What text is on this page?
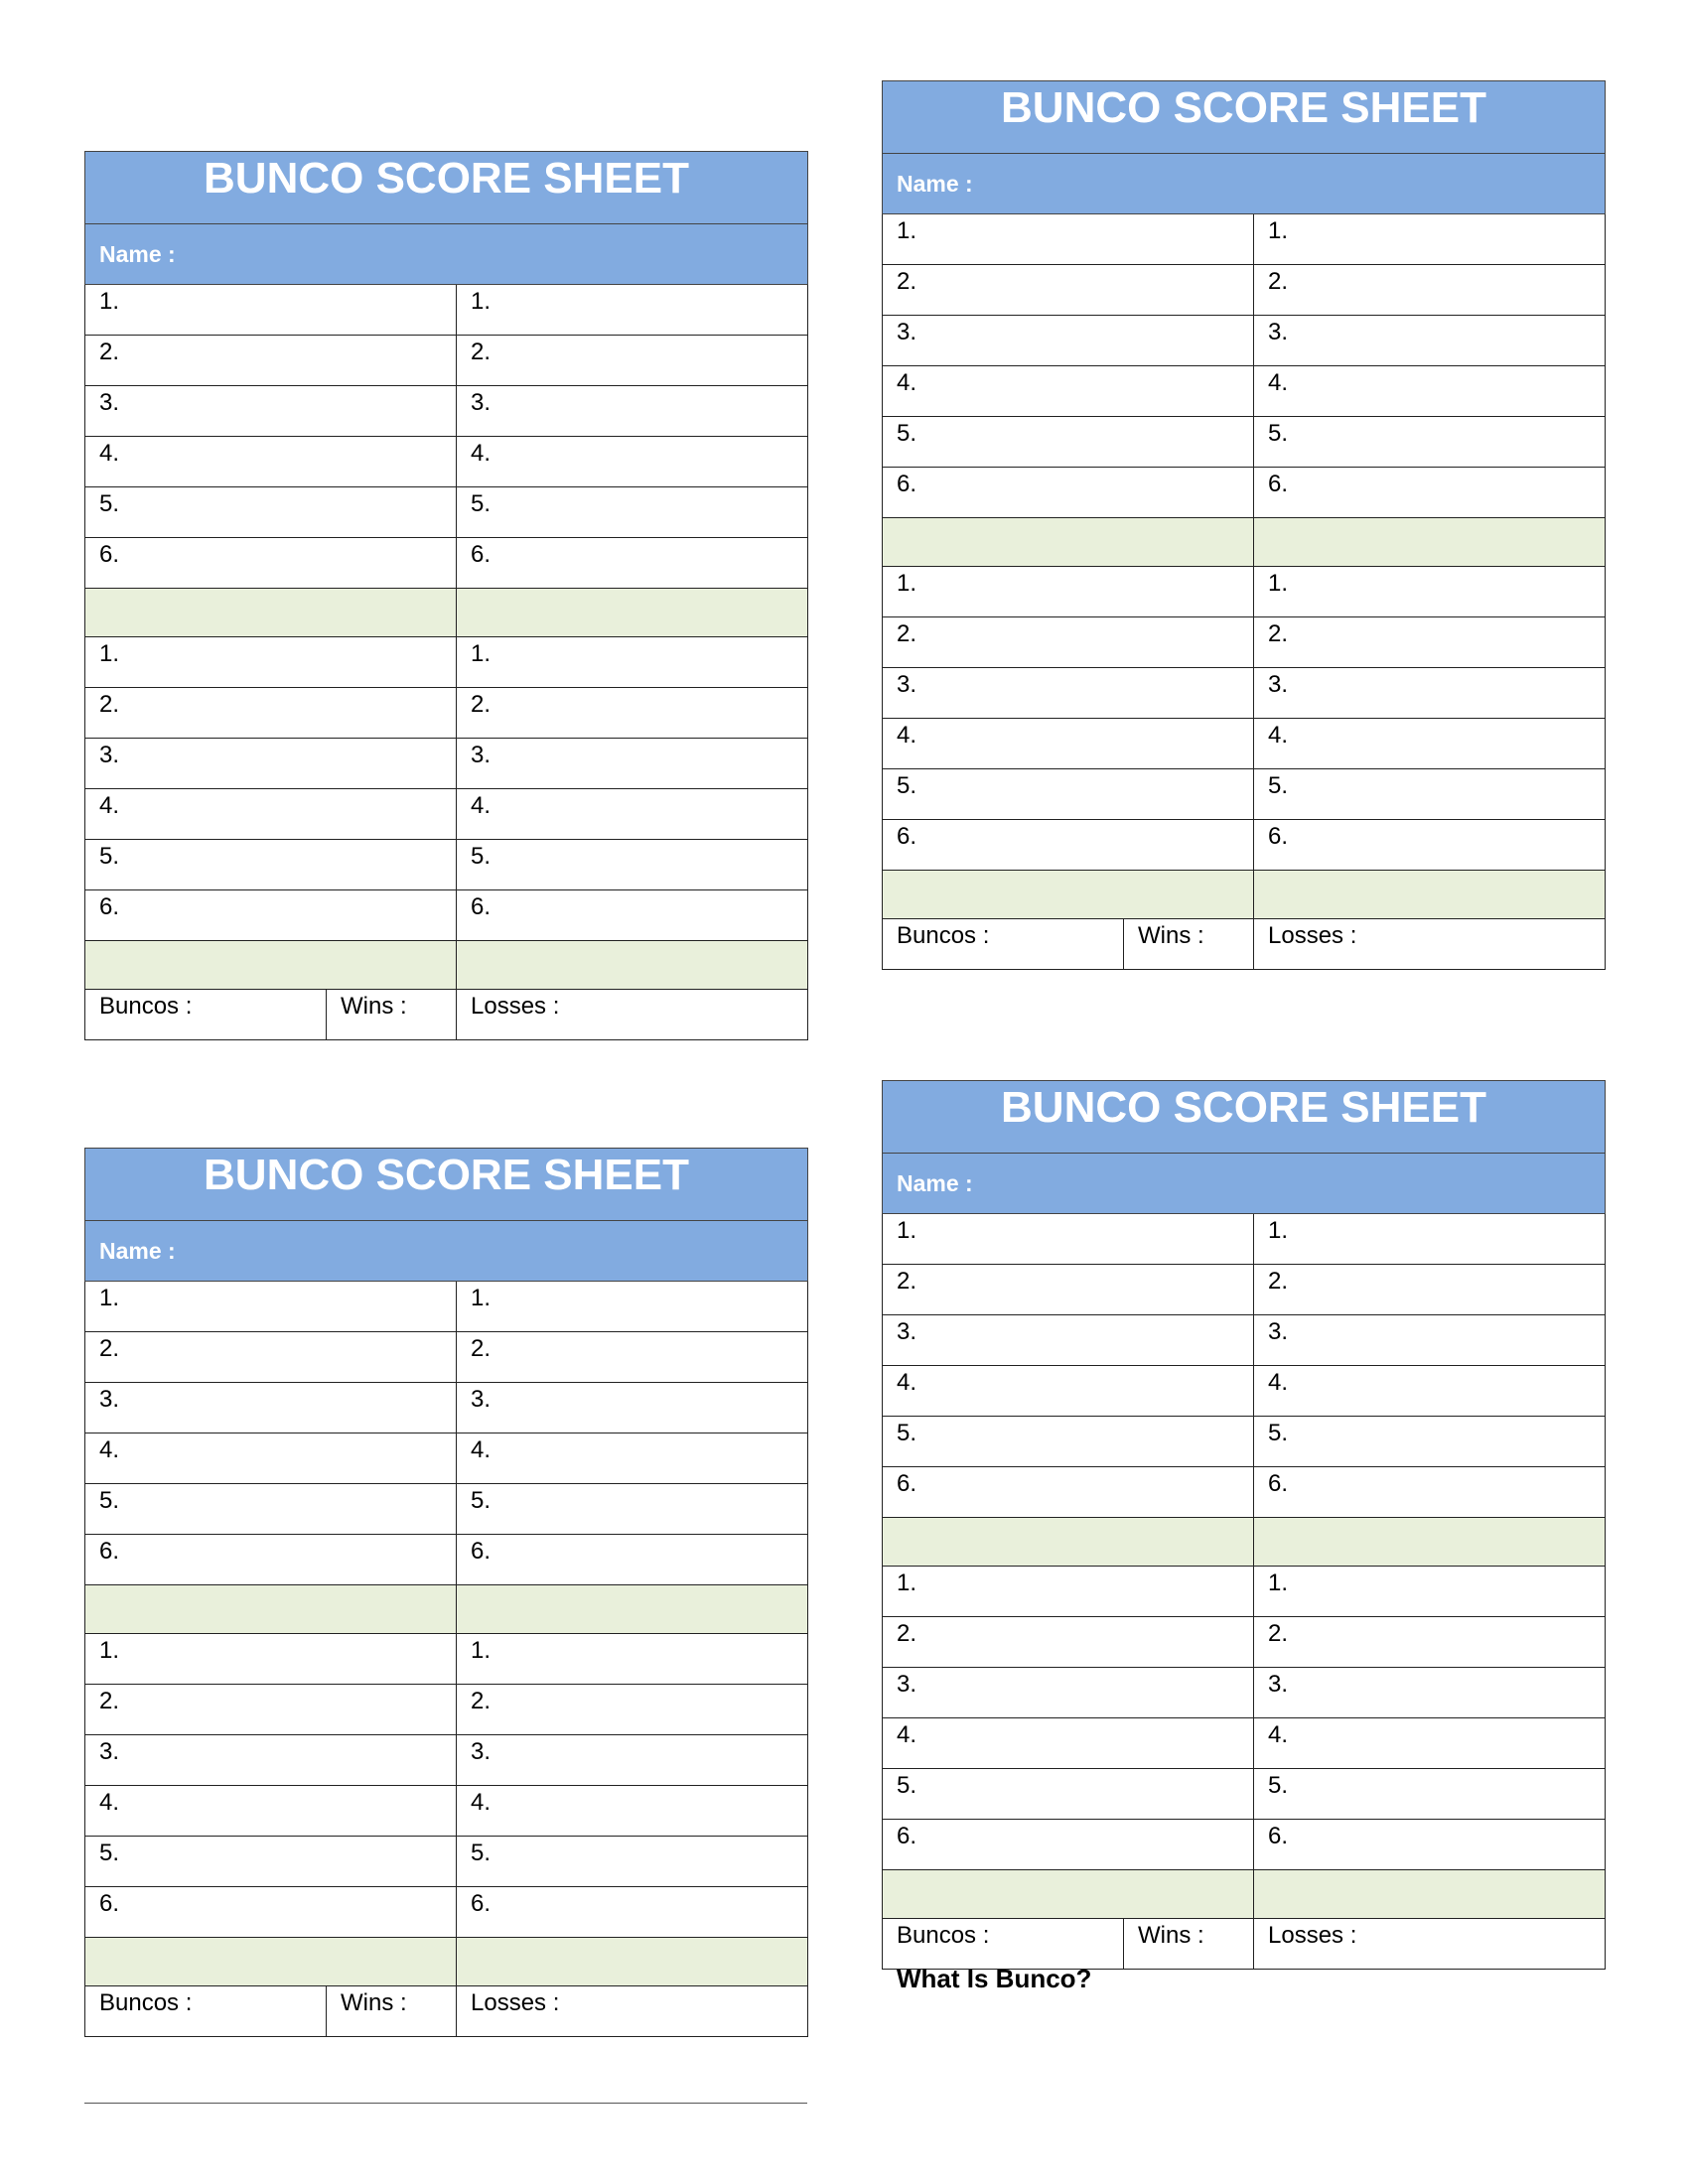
BUNCO SCORE SHEET		
Name :		
1.		1.
2.		2.
3.		3.
4.		4.
5.		5.
6.		6.

1.		1.
2.		2.
3.		3.
4.		4.
5.		5.
6.		6.

Buncos :	Wins :	Losses :
BUNCO SCORE SHEET		
Name :		
1.		1.
2.		2.
3.		3.
4.		4.
5.		5.
6.		6.

1.		1.
2.		2.
3.		3.
4.		4.
5.		5.
6.		6.

Buncos :	Wins :	Losses :
BUNCO SCORE SHEET		
Name :		
1.		1.
2.		2.
3.		3.
4.		4.
5.		5.
6.		6.

1.		1.
2.		2.
3.		3.
4.		4.
5.		5.
6.		6.

Buncos :	Wins :	Losses :
BUNCO SCORE SHEET		
Name :		
1.		1.
2.		2.
3.		3.
4.		4.
5.		5.
6.		6.

1.		1.
2.		2.
3.		3.
4.		4.
5.		5.
6.		6.

Buncos :	Wins :	Losses :
What Is Bunco?
